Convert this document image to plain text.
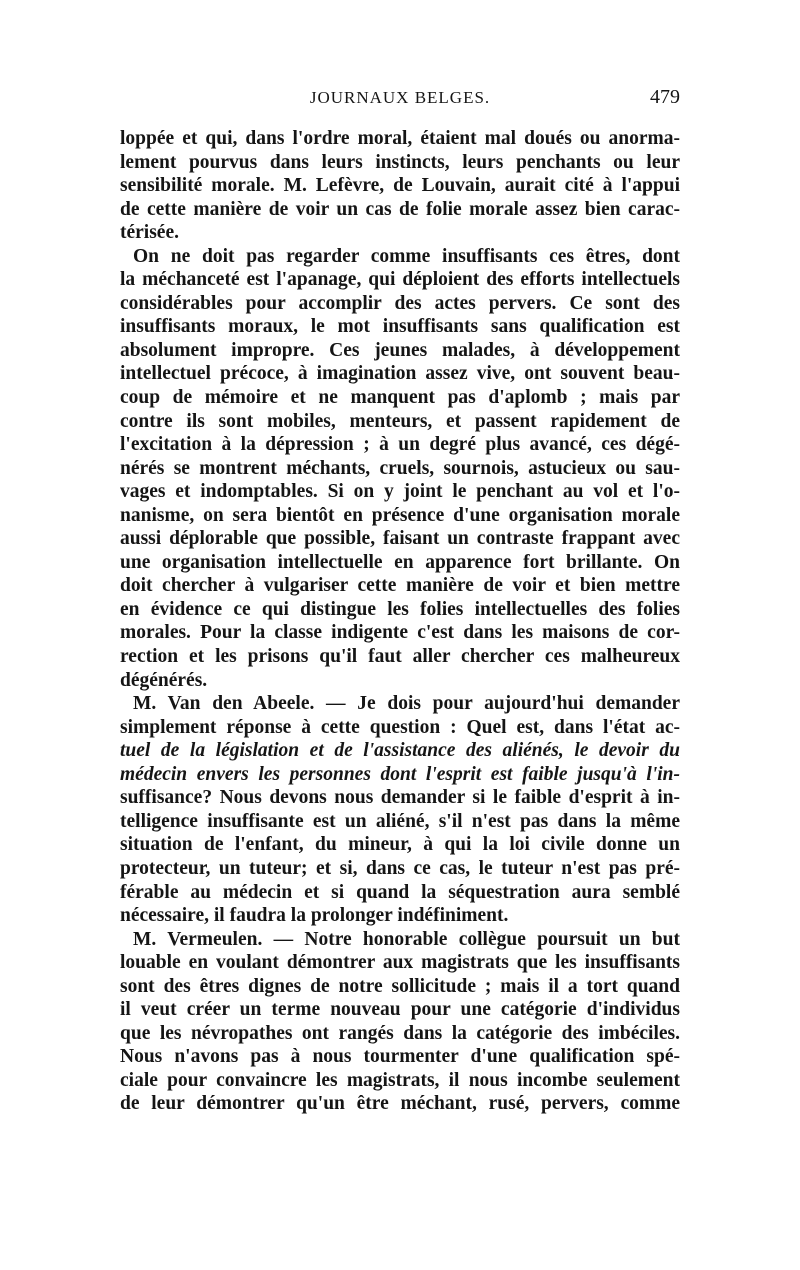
JOURNAUX BELGES.	479
loppée et qui, dans l'ordre moral, étaient mal doués ou anorma-
lement pourvus dans leurs instincts, leurs penchants ou leur
sensibilité morale. M. Lefèvre, de Louvain, aurait cité à l'appui
de cette manière de voir un cas de folie morale assez bien carac-
térisée.
On ne doit pas regarder comme insuffisants ces êtres, dont
la méchanceté est l'apanage, qui déploient des efforts intellectuels
considérables pour accomplir des actes pervers. Ce sont des
insuffisants moraux, le mot insuffisants sans qualification est
absolument impropre. Ces jeunes malades, à développement
intellectuel précoce, à imagination assez vive, ont souvent beau-
coup de mémoire et ne manquent pas d'aplomb ; mais par
contre ils sont mobiles, menteurs, et passent rapidement de
l'excitation à la dépression ; à un degré plus avancé, ces dégé-
nérés se montrent méchants, cruels, sournois, astucieux ou sau-
vages et indomptables. Si on y joint le penchant au vol et l'o-
nanisme, on sera bientôt en présence d'une organisation morale
aussi déplorable que possible, faisant un contraste frappant avec
une organisation intellectuelle en apparence fort brillante. On
doit chercher à vulgariser cette manière de voir et bien mettre
en évidence ce qui distingue les folies intellectuelles des folies
morales. Pour la classe indigente c'est dans les maisons de cor-
rection et les prisons qu'il faut aller chercher ces malheureux
dégénérés.
M. Van den Abeele. — Je dois pour aujourd'hui demander
simplement réponse à cette question : Quel est, dans l'état ac-
tuel de la législation et de l'assistance des aliénés, le devoir du
médecin envers les personnes dont l'esprit est faible jusqu'à l'in-
suffisance? Nous devons nous demander si le faible d'esprit à in-
telligence insuffisante est un aliéné, s'il n'est pas dans la même
situation de l'enfant, du mineur, à qui la loi civile donne un
protecteur, un tuteur; et si, dans ce cas, le tuteur n'est pas pré-
férable au médecin et si quand la séquestration aura semblé
nécessaire, il faudra la prolonger indéfiniment.
M. Vermeulen. — Notre honorable collègue poursuit un but
louable en voulant démontrer aux magistrats que les insuffisants
sont des êtres dignes de notre sollicitude ; mais il a tort quand
il veut créer un terme nouveau pour une catégorie d'individus
que les névropathes ont rangés dans la catégorie des imbéciles.
Nous n'avons pas à nous tourmenter d'une qualification spé-
ciale pour convaincre les magistrats, il nous incombe seulement
de leur démontrer qu'un être méchant, rusé, pervers, comme
